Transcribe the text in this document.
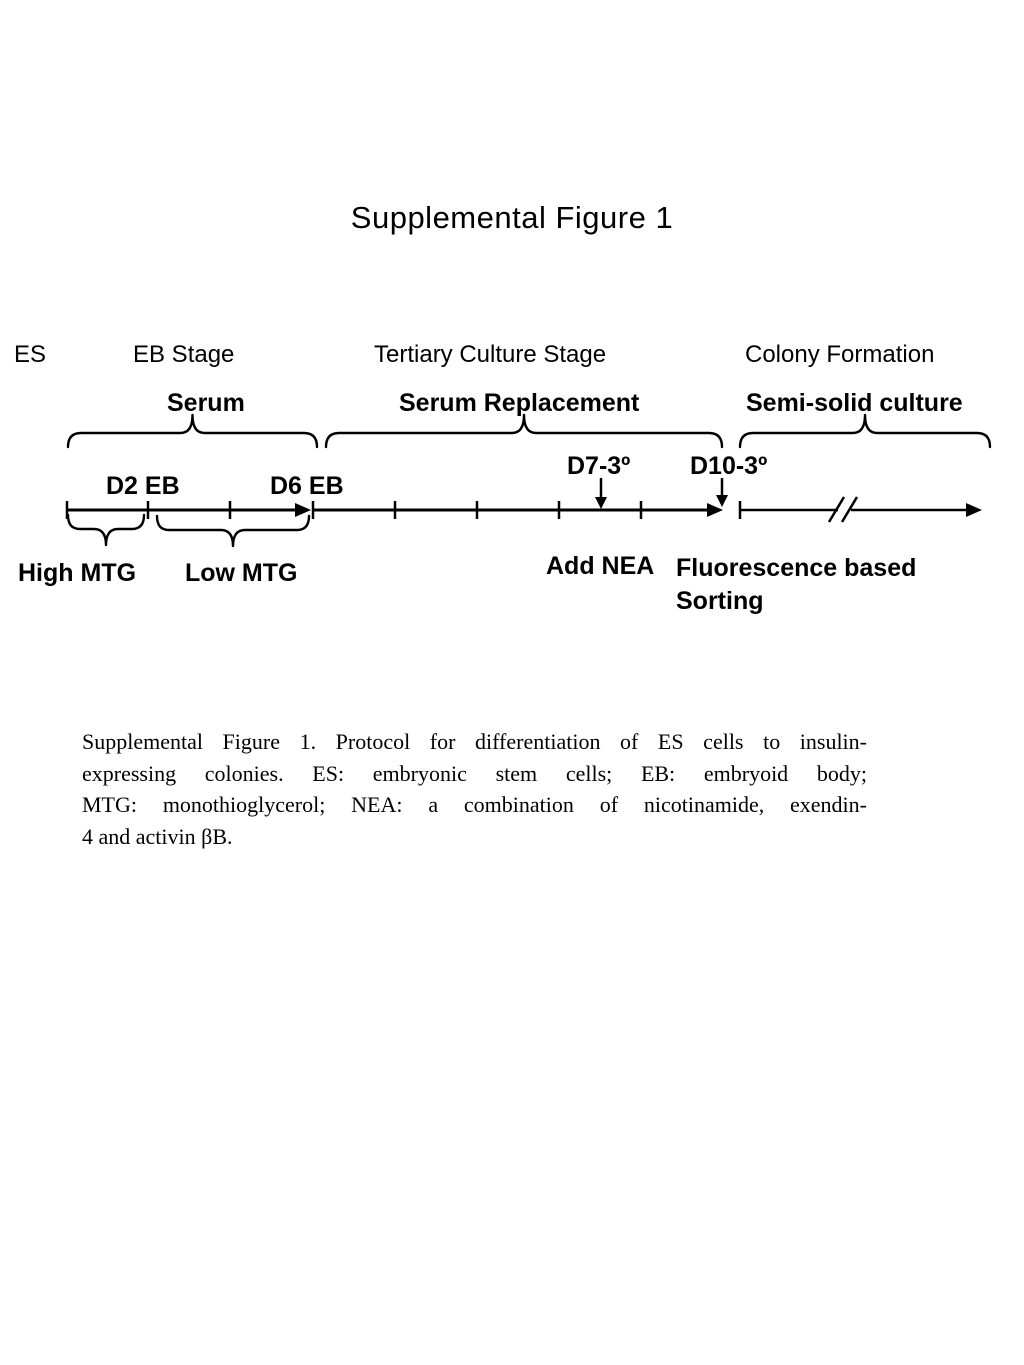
Supplemental Figure 1
ES	EB Stage	Tertiary Culture Stage	Colony Formation
Serum	Serum Replacement	Semi-solid culture
D7-3º D10-3º
D2 EB	D6 EB
High MTG Low MTG	Add NEA Fluorescence based
Sorting
Supplemental Figure 1. Protocol for differentiation of ES cells to insulin-
expressing colonies. ES: embryonic stem cells; EB: embryoid body;
MTG: monothioglycerol; NEA: a combination of nicotinamide, exendin-
4 and activin βB.
